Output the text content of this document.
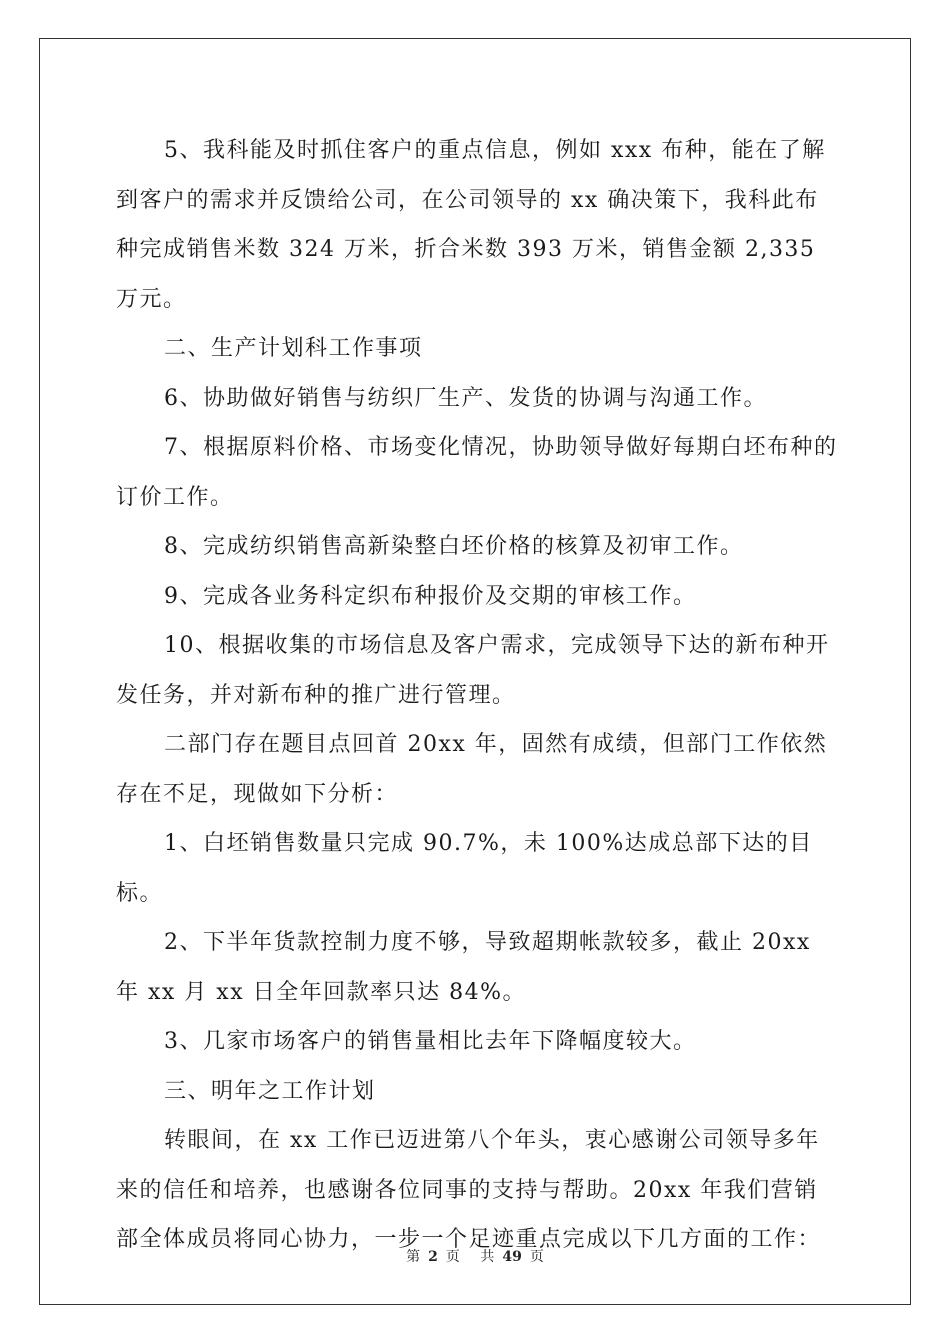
5、我科能及时抓住客户的重点信息，例如 xxx 布种，能在了解到客户的需求并反馈给公司，在公司领导的 xx 确决策下，我科此布种完成销售米数 324 万米，折合米数 393 万米，销售金额 2,335 万元。

二、生产计划科工作事项

6、协助做好销售与纺织厂生产、发货的协调与沟通工作。

7、根据原料价格、市场变化情况，协助领导做好每期白坯布种的订价工作。

8、完成纺织销售高新染整白坯价格的核算及初审工作。

9、完成各业务科定织布种报价及交期的审核工作。

10、根据收集的市场信息及客户需求，完成领导下达的新布种开发任务，并对新布种的推广进行管理。

二部门存在题目点回首 20xx 年，固然有成绩，但部门工作依然存在不足，现做如下分析：

1、白坯销售数量只完成 90.7%，未 100%达成总部下达的目标。

2、下半年货款控制力度不够，导致超期帐款较多，截止 20xx 年 xx 月 xx 日全年回款率只达 84%。

3、几家市场客户的销售量相比去年下降幅度较大。

三、明年之工作计划

转眼间，在 xx 工作已迈进第八个年头，衷心感谢公司领导多年来的信任和培养，也感谢各位同事的支持与帮助。20xx 年我们营销部全体成员将同心协力，一步一个足迹重点完成以下几方面的工作：

第 2 页 共 49 页
